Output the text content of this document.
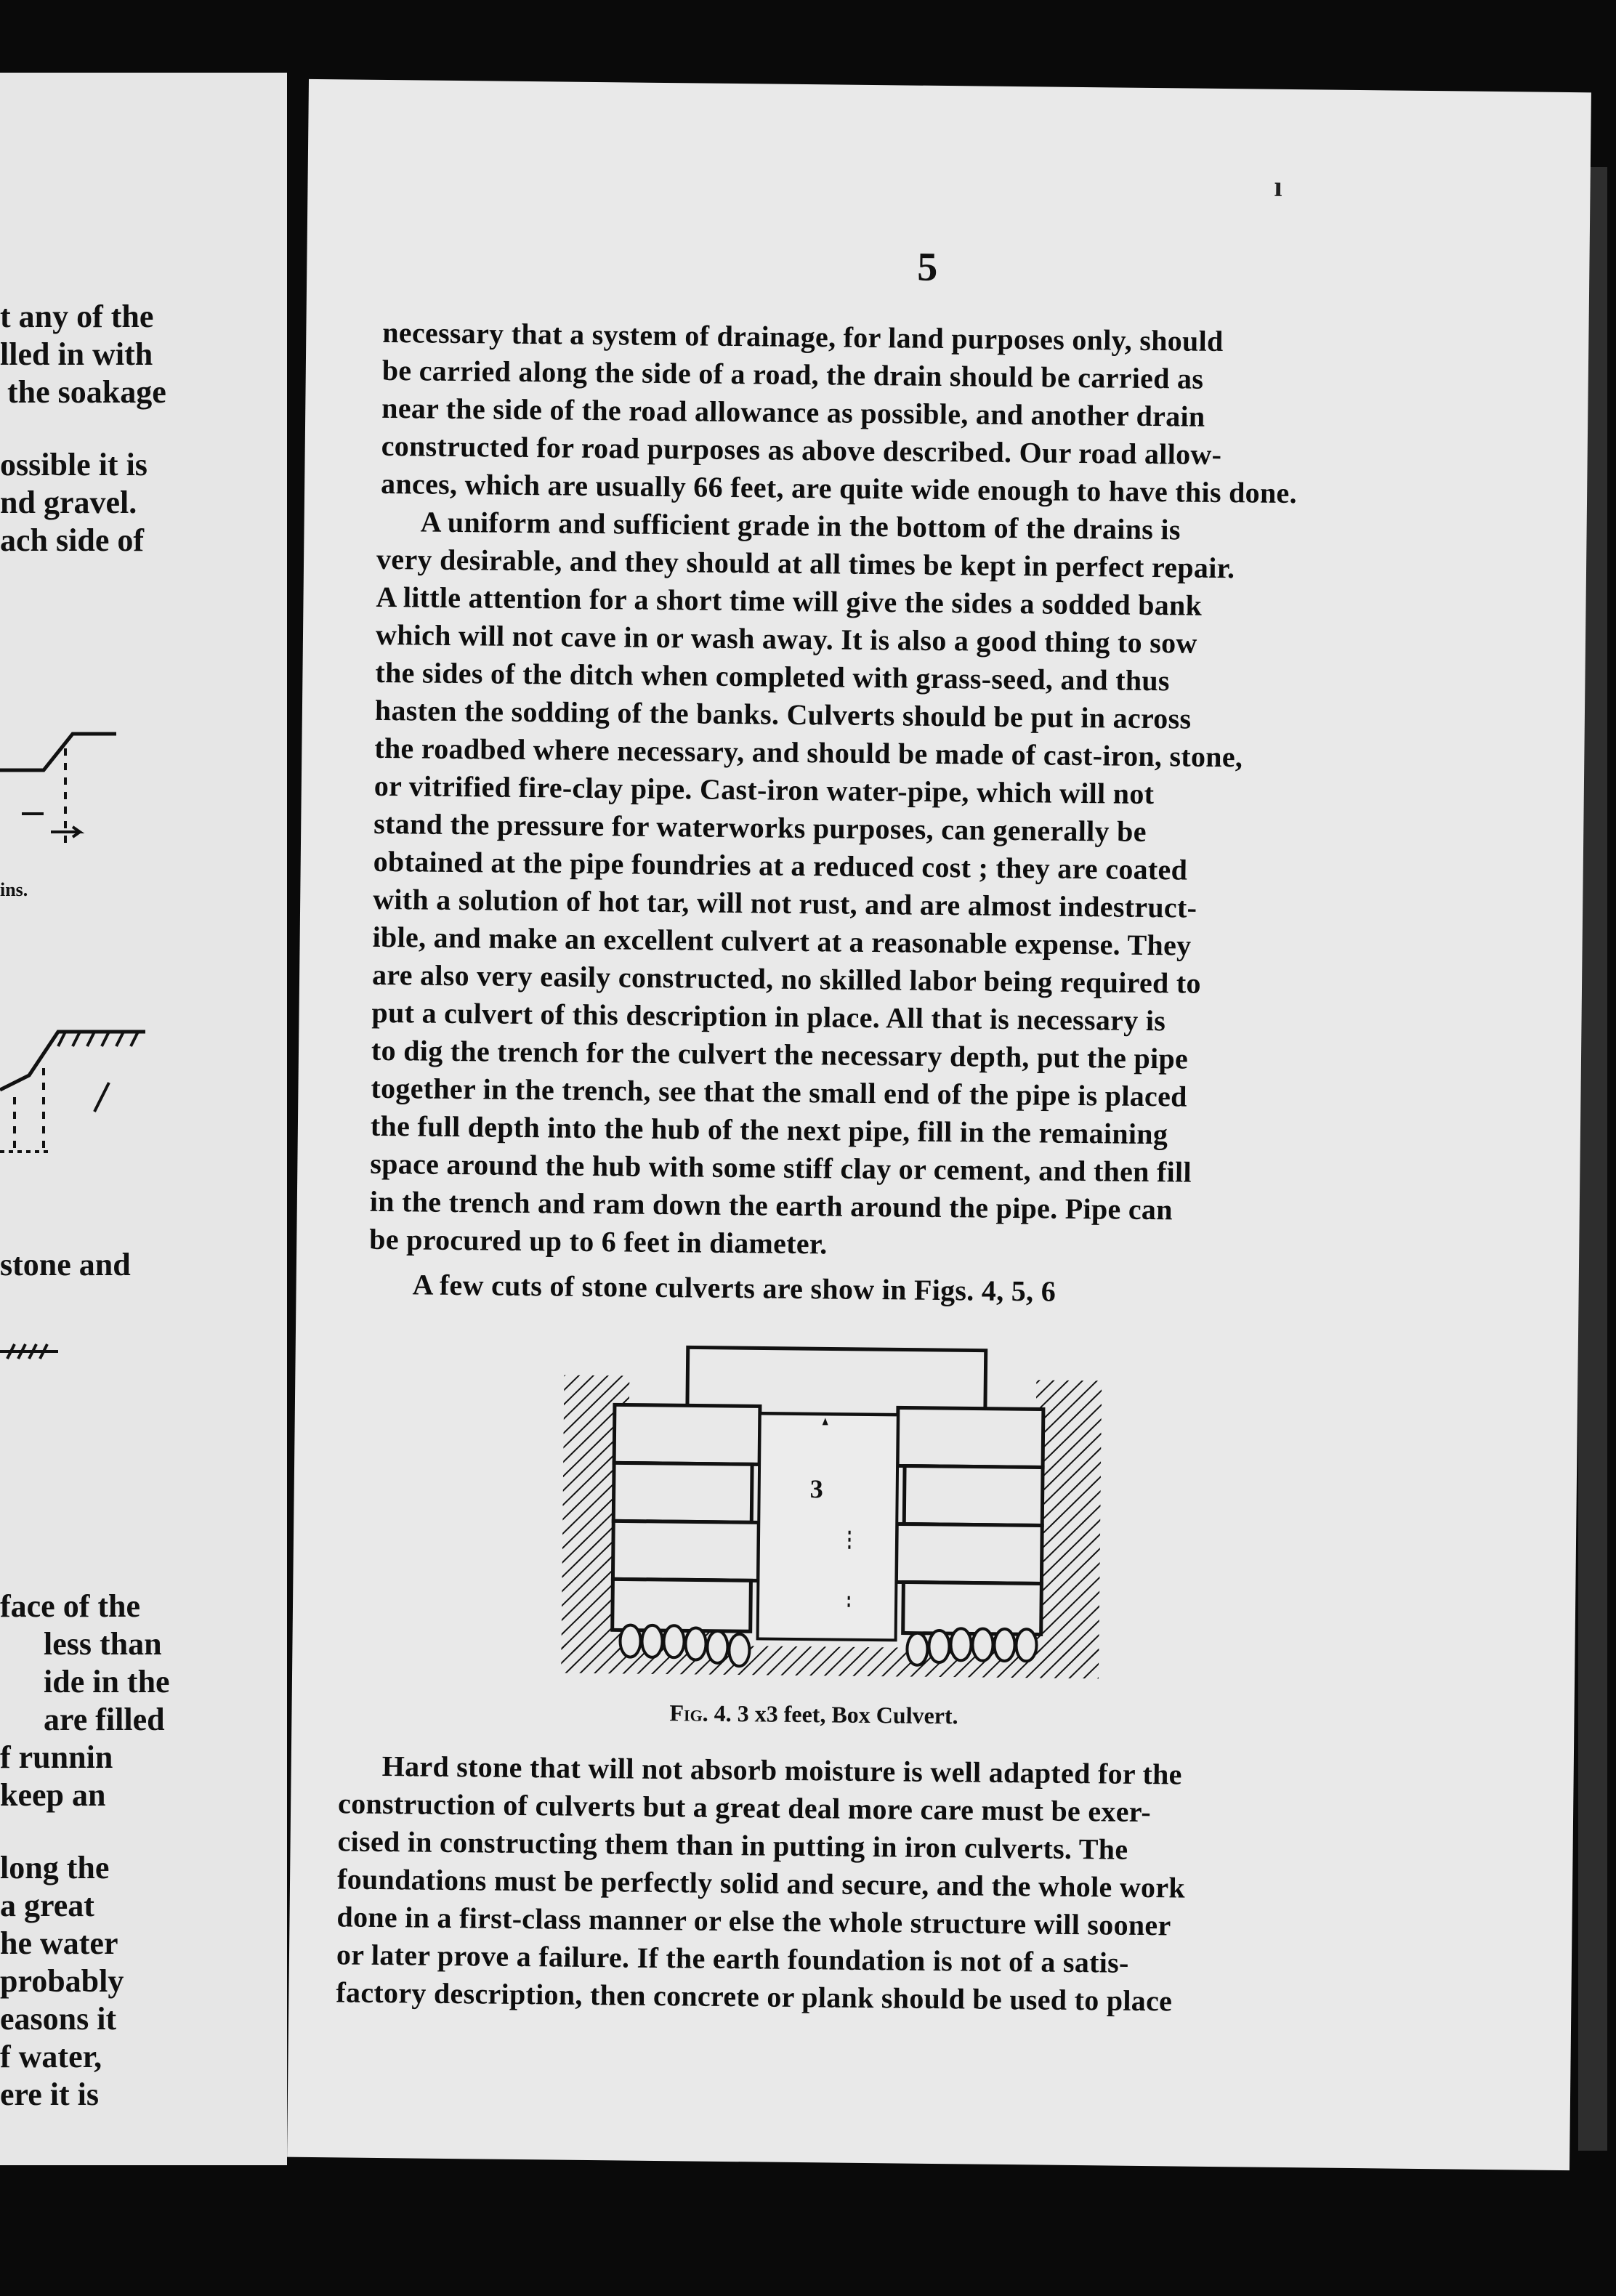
t any of the
lled in with
the soakage
ossible it is
nd gravel.
ach side of
ins.
stone and
face of the
less than
ide in the
are filled
f runnin
keep an
long the
a great
he water
probably
easons it
f water,
ere it is
ı
5
necessary that a system of drainage, for land purposes only, should
be carried along the side of a road, the drain should be carried as
near the side of the road allowance as possible, and another drain
constructed for road purposes as above described. Our road allow-
ances, which are usually 66 feet, are quite wide enough to have this done.
A uniform and sufficient grade in the bottom of the drains is
very desirable, and they should at all times be kept in perfect repair.
A little attention for a short time will give the sides a sodded bank
which will not cave in or wash away. It is also a good thing to sow
the sides of the ditch when completed with grass-seed, and thus
hasten the sodding of the banks. Culverts should be put in across
the roadbed where necessary, and should be made of cast-iron, stone,
or vitrified fire-clay pipe. Cast-iron water-pipe, which will not
stand the pressure for waterworks purposes, can generally be
obtained at the pipe foundries at a reduced cost ; they are coated
with a solution of hot tar, will not rust, and are almost indestruct-
ible, and make an excellent culvert at a reasonable expense. They
are also very easily constructed, no skilled labor being required to
put a culvert of this description in place. All that is necessary is
to dig the trench for the culvert the necessary depth, put the pipe
together in the trench, see that the small end of the pipe is placed
the full depth into the hub of the next pipe, fill in the remaining
space around the hub with some stiff clay or cement, and then fill
in the trench and ram down the earth around the pipe. Pipe can
be procured up to 6 feet in diameter.
A few cuts of stone culverts are show in Figs. 4, 5, 6
3
Fig. 4. 3 x3 feet, Box Culvert.
Hard stone that will not absorb moisture is well adapted for the
construction of culverts but a great deal more care must be exer-
cised in constructing them than in putting in iron culverts. The
foundations must be perfectly solid and secure, and the whole work
done in a first-class manner or else the whole structure will sooner
or later prove a failure. If the earth foundation is not of a satis-
factory description, then concrete or plank should be used to place
